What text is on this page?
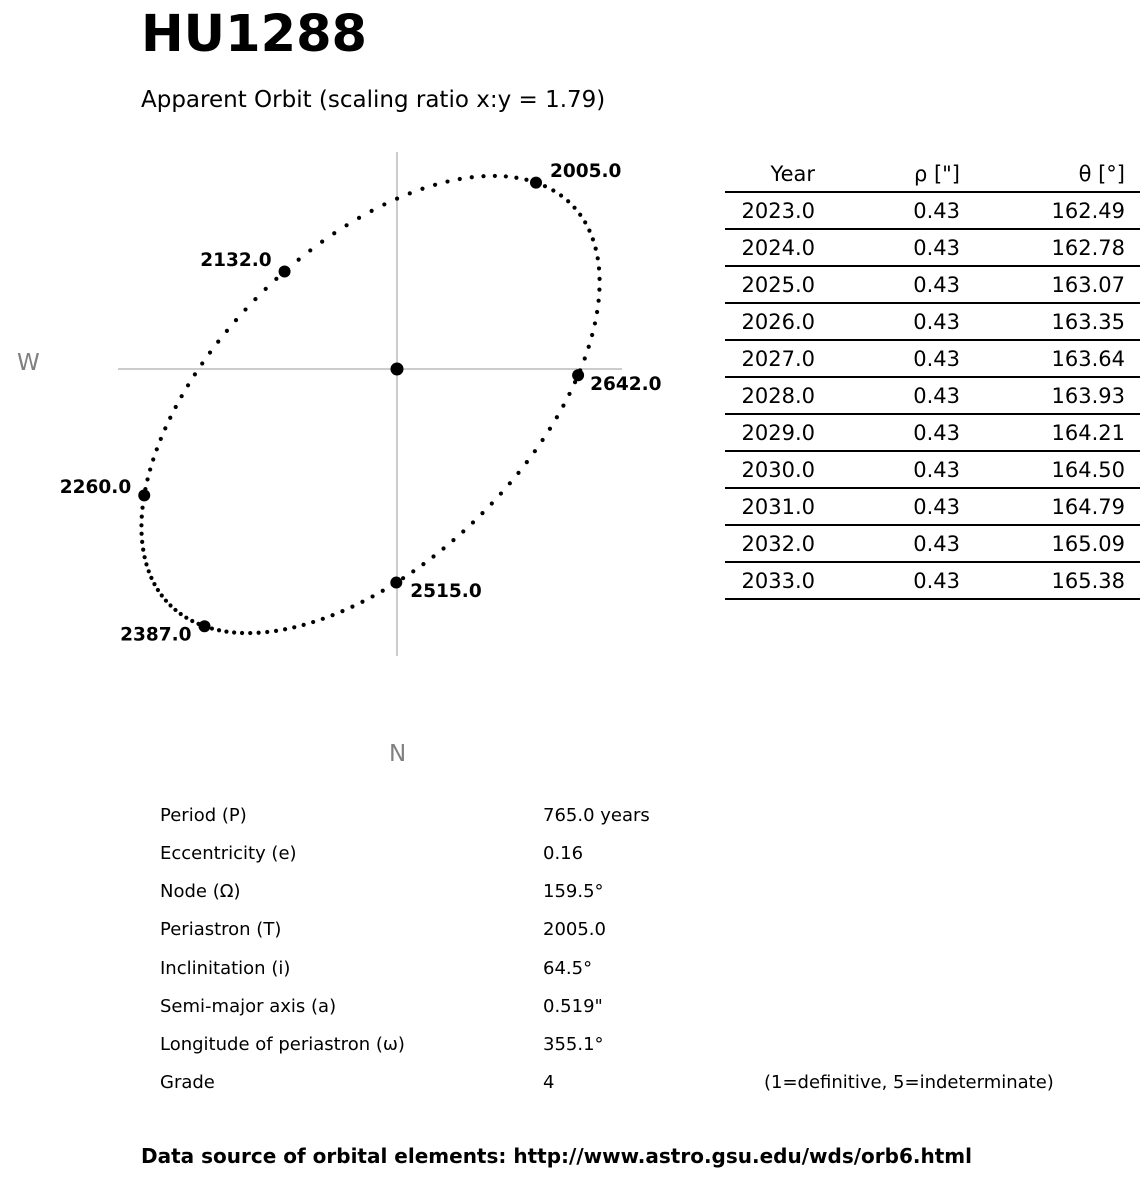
HU1288
Apparent Orbit (scaling ratio x:y = 1.79)
W
N
2005.0
2132.0
2260.0
2387.0
2515.0
2642.0
Year	ρ ["]	θ [°]
2023.0	0.43	162.49
2024.0	0.43	162.78
2025.0	0.43	163.07
2026.0	0.43	163.35
2027.0	0.43	163.64
2028.0	0.43	163.93
2029.0	0.43	164.21
2030.0	0.43	164.50
2031.0	0.43	164.79
2032.0	0.43	165.09
2033.0	0.43	165.38
Period (P)	765.0 years
Eccentricity (e)	0.16
Node (Ω)	159.5°
Periastron (T)	2005.0
Inclinitation (i)	64.5°
Semi-major axis (a)	0.519"
Longitude of periastron (ω)	355.1°
Grade	4	(1=definitive, 5=indeterminate)
Data source of orbital elements: http://www.astro.gsu.edu/wds/orb6.html
